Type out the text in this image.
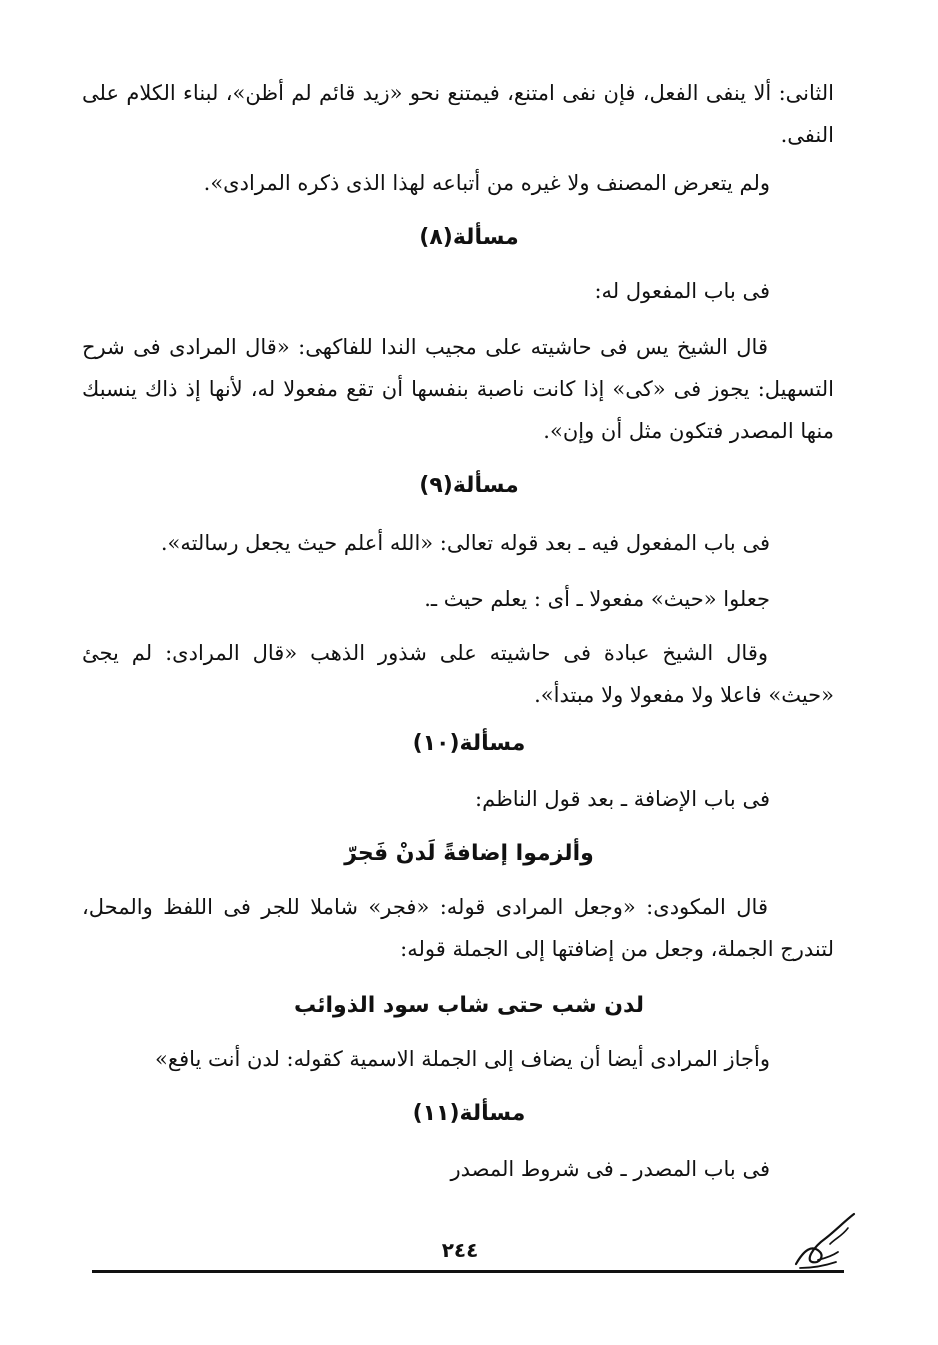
الثانى: ألا ينفى الفعل، فإن نفى امتنع، فيمتنع نحو «زيد قائم لم أظن»، لبناء الكلام على النفى.
ولم يتعرض المصنف ولا غيره من أتباعه لهذا الذى ذكره المرادى».
مسألة(٨)
فى باب المفعول له:
قال الشيخ يس فى حاشيته على مجيب الندا للفاكهى: «قال المرادى فى شرح التسهيل: يجوز فى «كى» إذا كانت ناصبة بنفسها أن تقع مفعولا له، لأنها إذ ذاك ينسبك منها المصدر فتكون مثل أن وإن».
مسألة(٩)
فى باب المفعول فيه ـ بعد قوله تعالى: «الله أعلم حيث يجعل رسالته».
جعلوا «حيث» مفعولا ـ أى : يعلم حيث ـ.
وقال الشيخ عبادة فى حاشيته على شذور الذهب «قال المرادى: لم يجئ «حيث» فاعلا ولا مفعولا ولا مبتدأ».
مسألة(١٠)
فى باب الإضافة ـ بعد قول الناظم:
وألزموا إضافةً لَدنْ فَجرّ
قال المكودى: «وجعل المرادى قوله: «فجر» شاملا للجر فى اللفظ والمحل، لتندرج الجملة، وجعل من إضافتها إلى الجملة قوله:
لدن شب حتى شاب سود الذوائب
وأجاز المرادى أيضا أن يضاف إلى الجملة الاسمية كقوله: لدن أنت يافع»
مسألة(١١)
فى باب المصدر ـ فى شروط المصدر
٢٤٤
